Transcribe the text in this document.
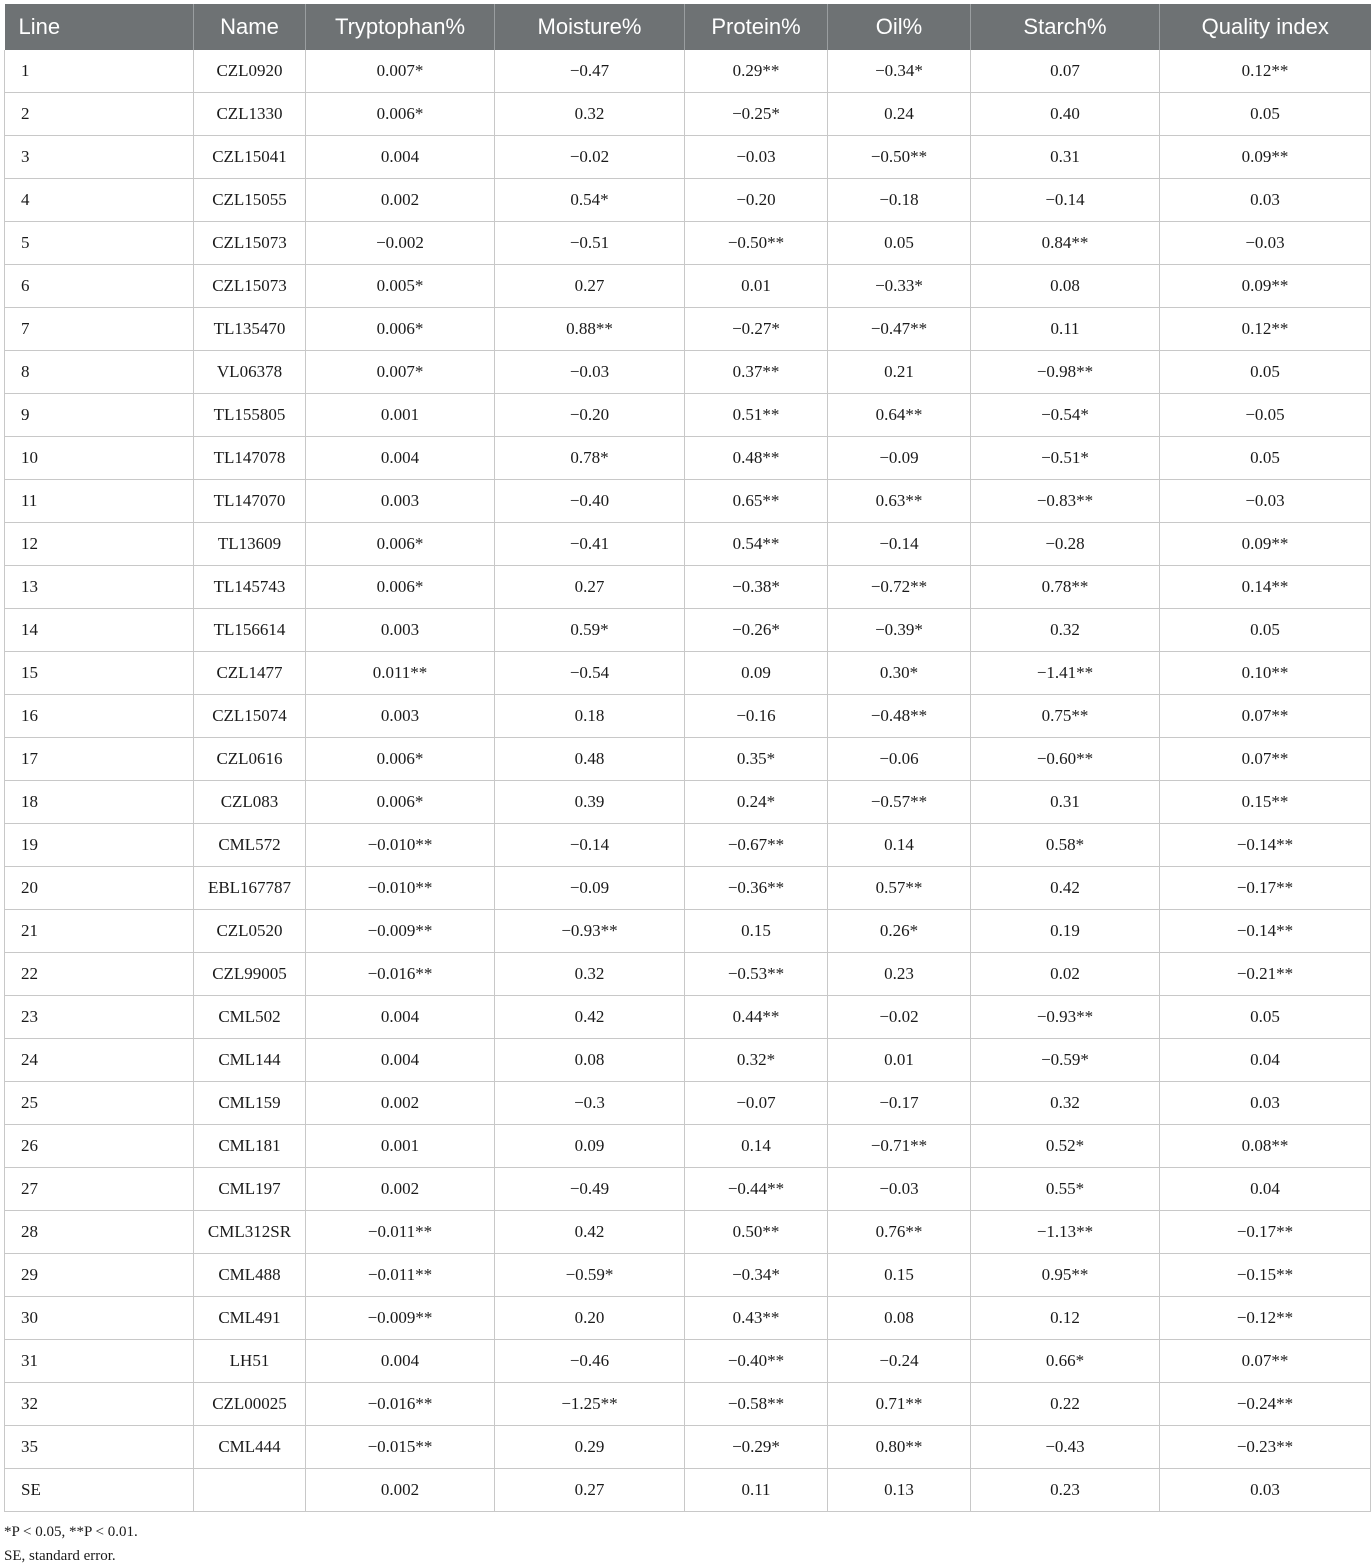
Line	Name	Tryptophan%	Moisture%	Protein%	Oil%	Starch%	Quality index
1	CZL0920	0.007*	−0.47	0.29**	−0.34*	0.07	0.12**
2	CZL1330	0.006*	0.32	−0.25*	0.24	0.40	0.05
3	CZL15041	0.004	−0.02	−0.03	−0.50**	0.31	0.09**
4	CZL15055	0.002	0.54*	−0.20	−0.18	−0.14	0.03
5	CZL15073	−0.002	−0.51	−0.50**	0.05	0.84**	−0.03
6	CZL15073	0.005*	0.27	0.01	−0.33*	0.08	0.09**
7	TL135470	0.006*	0.88**	−0.27*	−0.47**	0.11	0.12**
8	VL06378	0.007*	−0.03	0.37**	0.21	−0.98**	0.05
9	TL155805	0.001	−0.20	0.51**	0.64**	−0.54*	−0.05
10	TL147078	0.004	0.78*	0.48**	−0.09	−0.51*	0.05
11	TL147070	0.003	−0.40	0.65**	0.63**	−0.83**	−0.03
12	TL13609	0.006*	−0.41	0.54**	−0.14	−0.28	0.09**
13	TL145743	0.006*	0.27	−0.38*	−0.72**	0.78**	0.14**
14	TL156614	0.003	0.59*	−0.26*	−0.39*	0.32	0.05
15	CZL1477	0.011**	−0.54	0.09	0.30*	−1.41**	0.10**
16	CZL15074	0.003	0.18	−0.16	−0.48**	0.75**	0.07**
17	CZL0616	0.006*	0.48	0.35*	−0.06	−0.60**	0.07**
18	CZL083	0.006*	0.39	0.24*	−0.57**	0.31	0.15**
19	CML572	−0.010**	−0.14	−0.67**	0.14	0.58*	−0.14**
20	EBL167787	−0.010**	−0.09	−0.36**	0.57**	0.42	−0.17**
21	CZL0520	−0.009**	−0.93**	0.15	0.26*	0.19	−0.14**
22	CZL99005	−0.016**	0.32	−0.53**	0.23	0.02	−0.21**
23	CML502	0.004	0.42	0.44**	−0.02	−0.93**	0.05
24	CML144	0.004	0.08	0.32*	0.01	−0.59*	0.04
25	CML159	0.002	−0.3	−0.07	−0.17	0.32	0.03
26	CML181	0.001	0.09	0.14	−0.71**	0.52*	0.08**
27	CML197	0.002	−0.49	−0.44**	−0.03	0.55*	0.04
28	CML312SR	−0.011**	0.42	0.50**	0.76**	−1.13**	−0.17**
29	CML488	−0.011**	−0.59*	−0.34*	0.15	0.95**	−0.15**
30	CML491	−0.009**	0.20	0.43**	0.08	0.12	−0.12**
31	LH51	0.004	−0.46	−0.40**	−0.24	0.66*	0.07**
32	CZL00025	−0.016**	−1.25**	−0.58**	0.71**	0.22	−0.24**
35	CML444	−0.015**	0.29	−0.29*	0.80**	−0.43	−0.23**
SE		0.002	0.27	0.11	0.13	0.23	0.03
*P < 0.05, **P < 0.01.
SE, standard error.
